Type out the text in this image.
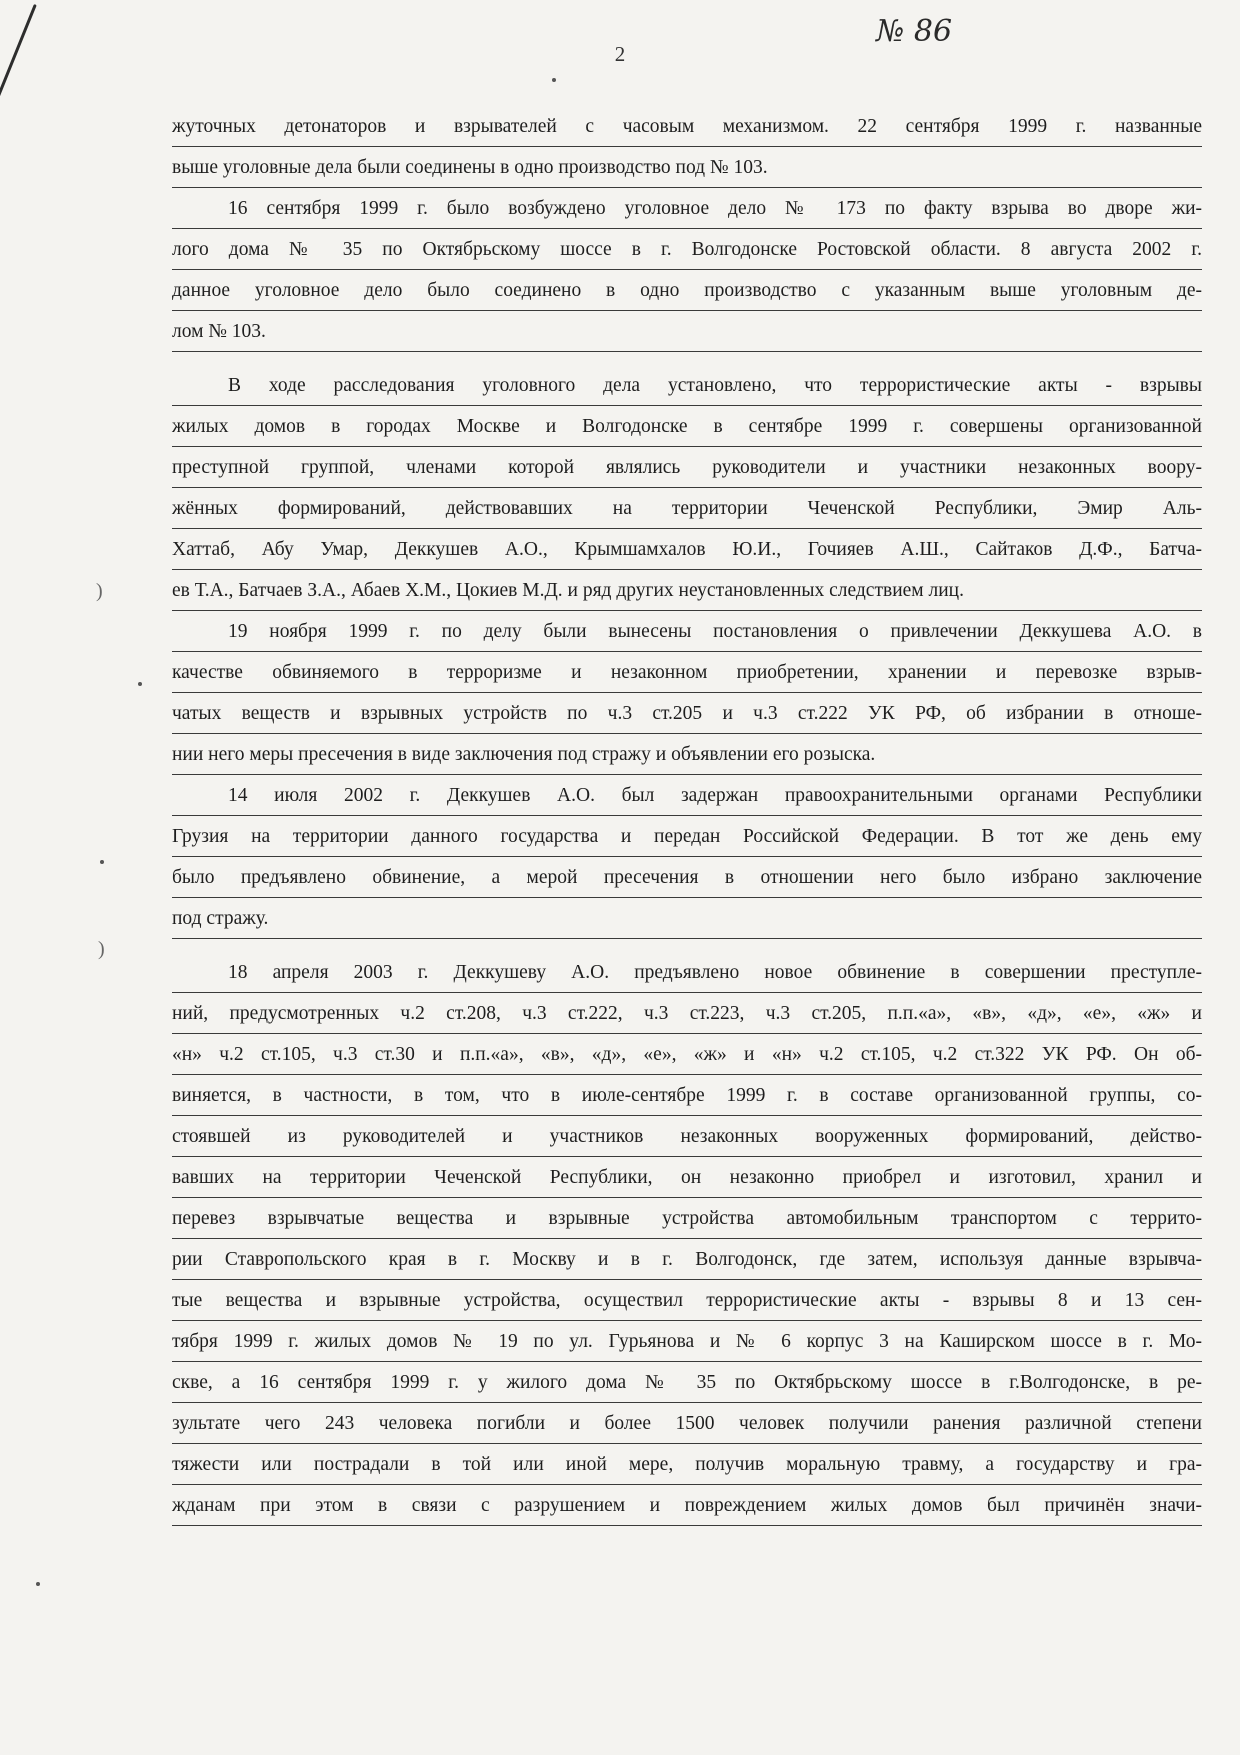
2
№ 86
)
)
жуточных детонаторов и взрывателей с часовым механизмом. 22 сентября 1999 г. названные
выше уголовные дела были соединены в одно производство под № 103.
16 сентября 1999 г. было возбуждено уголовное дело № 173 по факту взрыва во дворе жи-
лого дома № 35 по Октябрьскому шоссе в г. Волгодонске Ростовской области. 8 августа 2002 г.
данное уголовное дело было соединено в одно производство с указанным выше уголовным де-
лом № 103.
В ходе расследования уголовного дела установлено, что террористические акты - взрывы
жилых домов в городах Москве и Волгодонске в сентябре 1999 г. совершены организованной
преступной группой, членами которой являлись руководители и участники незаконных воору-
жённых формирований, действовавших на территории Чеченской Республики, Эмир Аль-
Хаттаб, Абу Умар, Деккушев А.О., Крымшамхалов Ю.И., Гочияев А.Ш., Сайтаков Д.Ф., Батча-
ев Т.А., Батчаев З.А., Абаев Х.М., Цокиев М.Д. и ряд других неустановленных следствием лиц.
19 ноября 1999 г. по делу были вынесены постановления о привлечении Деккушева А.О. в
качестве обвиняемого в терроризме и незаконном приобретении, хранении и перевозке взрыв-
чатых веществ и взрывных устройств по ч.3 ст.205 и ч.3 ст.222 УК РФ, об избрании в отноше-
нии него меры пресечения в виде заключения под стражу и объявлении его розыска.
14 июля 2002 г. Деккушев А.О. был задержан правоохранительными органами Республики
Грузия на территории данного государства и передан Российской Федерации. В тот же день ему
было предъявлено обвинение, а мерой пресечения в отношении него было избрано заключение
под стражу.
18 апреля 2003 г. Деккушеву А.О. предъявлено новое обвинение в совершении преступле-
ний, предусмотренных ч.2 ст.208, ч.3 ст.222, ч.3 ст.223, ч.3 ст.205, п.п.«а», «в», «д», «е», «ж» и
«н» ч.2 ст.105, ч.3 ст.30 и п.п.«а», «в», «д», «е», «ж» и «н» ч.2 ст.105, ч.2 ст.322 УК РФ. Он об-
виняется, в частности, в том, что в июле-сентябре 1999 г. в составе организованной группы, со-
стоявшей из руководителей и участников незаконных вооруженных формирований, действо-
вавших на территории Чеченской Республики, он незаконно приобрел и изготовил, хранил и
перевез взрывчатые вещества и взрывные устройства автомобильным транспортом с террито-
рии Ставропольского края в г. Москву и в г. Волгодонск, где затем, используя данные взрывча-
тые вещества и взрывные устройства, осуществил террористические акты - взрывы 8 и 13 сен-
тября 1999 г. жилых домов № 19 по ул. Гурьянова и № 6 корпус 3 на Каширском шоссе в г. Мо-
скве, а 16 сентября 1999 г. у жилого дома № 35 по Октябрьскому шоссе в г.Волгодонске, в ре-
зультате чего 243 человека погибли и более 1500 человек получили ранения различной степени
тяжести или пострадали в той или иной мере, получив моральную травму, а государству и гра-
жданам при этом в связи с разрушением и повреждением жилых домов был причинён значи-
